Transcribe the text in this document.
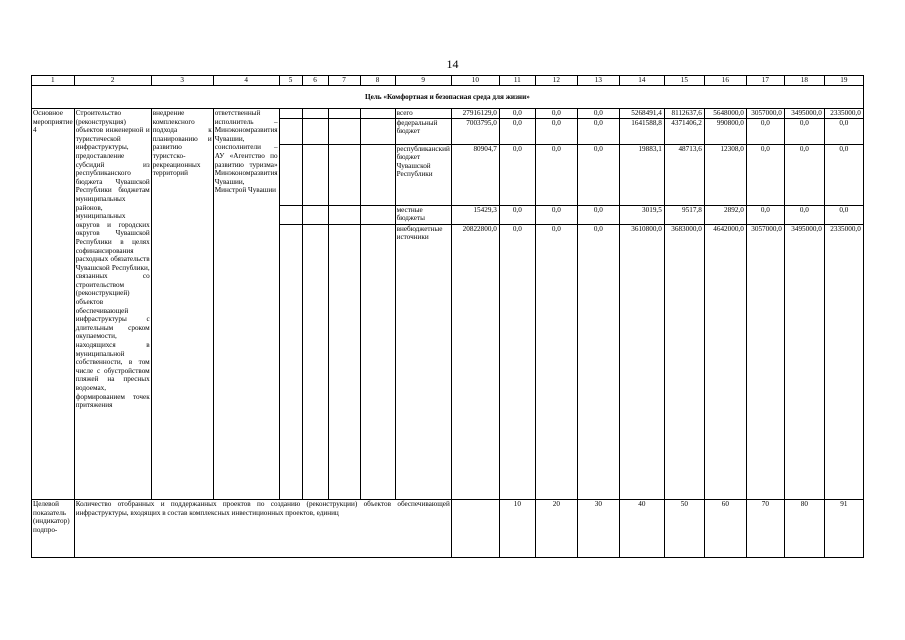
14
1	2	3	4	5	6	7	8	9	10	11	12	13	14	15	16	17	18	19
Цель «Комфортная и безопасная среда для жизни»																		
Основное мероприятие 4	Строительство (реконструкция) объектов инженерной и туристической инфраструктуры, предоставление субсидий из республиканского бюджета Чувашской Республики бюджетам муниципальных районов, муниципальных округов и городских округов Чувашской Республики в целях софинансирования расходных обязательств Чувашской Республики, связанных со строительством (реконструкцией) объектов обеспечивающей инфраструктуры с длительным сроком окупаемости, находящихся в муниципальной собственности, в том числе с обустройством пляжей на пресных водоемах, формированием точек притяжения	внедрение комплексного подхода к планированию и развитию туристско-рекреационных территорий	ответственный исполнитель – Минэкономразвития Чувашии, соисполнители – АУ «Агентство по развитию туризма» Минэкономразвития Чувашии, Минстрой Чувашии					всего	27916129,0	0,0	0,0	0,0	5268491,4	8112637,6	5648000,0	3057000,0	3495000,0	2335000,0
								федеральный бюджет	7003795,0	0,0	0,0	0,0	1641588,8	4371406,2	990800,0	0,0	0,0	0,0
								республиканский бюджет Чувашской Республики	80904,7	0,0	0,0	0,0	19883,1	48713,6	12308,0	0,0	0,0	0,0
								местные бюджеты	15429,3	0,0	0,0	0,0	3019,5	9517,8	2892,0	0,0	0,0	0,0
								внебюджетные источники	20822800,0	0,0	0,0	0,0	3610800,0	3683000,0	4642000,0	3057000,0	3495000,0	2335000,0
Целевой показатель (индикатор) подпро-	Количество отобранных и поддержанных проектов по созданию (реконструкции) объектов обеспечивающей инфраструктуры, входящих в состав комплексных инвестиционных проектов, единиц									10	20	30	40	50	60	70	80	91
